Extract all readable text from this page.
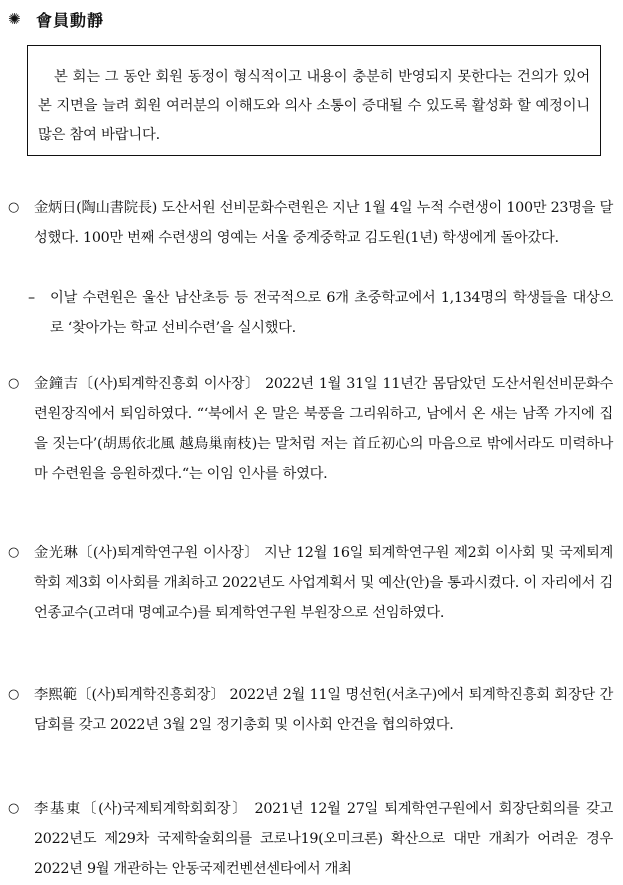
✺ 會員動靜
본 회는 그 동안 회원 동정이 형식적이고 내용이 충분히 반영되지 못한다는 건의가 있어 본 지면을 늘려 회원 여러분의 이해도와 의사 소통이 증대될 수 있도록 활성화 할 예정이니 많은 참여 바랍니다.
○	金炳日(陶山書院長) 도산서원 선비문화수련원은 지난 1월 4일 누적 수련생이 100만 23명을 달성했다. 100만 번째 수련생의 영예는 서울 중계중학교 김도원(1년) 학생에게 돌아갔다.
– 이날 수련원은 울산 남산초등 등 전국적으로 6개 초중학교에서 1,134명의 학생들을 대상으로 ‘찾아가는 학교 선비수련’을 실시했다.
○	金鐘吉〔(사)퇴계학진흥회 이사장〕 2022년 1월 31일 11년간 몸담았던 도산서원선비문화수련원장직에서 퇴임하였다. “‘북에서 온 말은 북풍을 그리워하고, 남에서 온 새는 남쪽 가지에 집을 짓는다’(胡馬依北風 越鳥巢南枝)는 말처럼 저는 首丘初心의 마음으로 밖에서라도 미력하나마 수련원을 응원하겠다.“는 이임 인사를 하였다.
○	金光琳〔(사)퇴계학연구원 이사장〕 지난 12월 16일 퇴계학연구원 제2회 이사회 및 국제퇴계학회 제3회 이사회를 개최하고 2022년도 사업계획서 및 예산(안)을 통과시켰다. 이 자리에서 김언종교수(고려대 명예교수)를 퇴계학연구원 부원장으로 선임하였다.
○	李熙範〔(사)퇴계학진흥회장〕 2022년 2월 11일 명선헌(서초구)에서 퇴계학진흥회 회장단 간담회를 갖고 2022년 3월 2일 정기총회 및 이사회 안건을 협의하였다.
○	李基東〔(사)국제퇴계학회회장〕 2021년 12월 27일 퇴계학연구원에서 회장단회의를 갖고 2022년도 제29차 국제학술회의를 코로나19(오미크론) 확산으로 대만 개최가 어려운 경우 2022년 9월 개관하는 안동국제컨벤션센타에서 개최
